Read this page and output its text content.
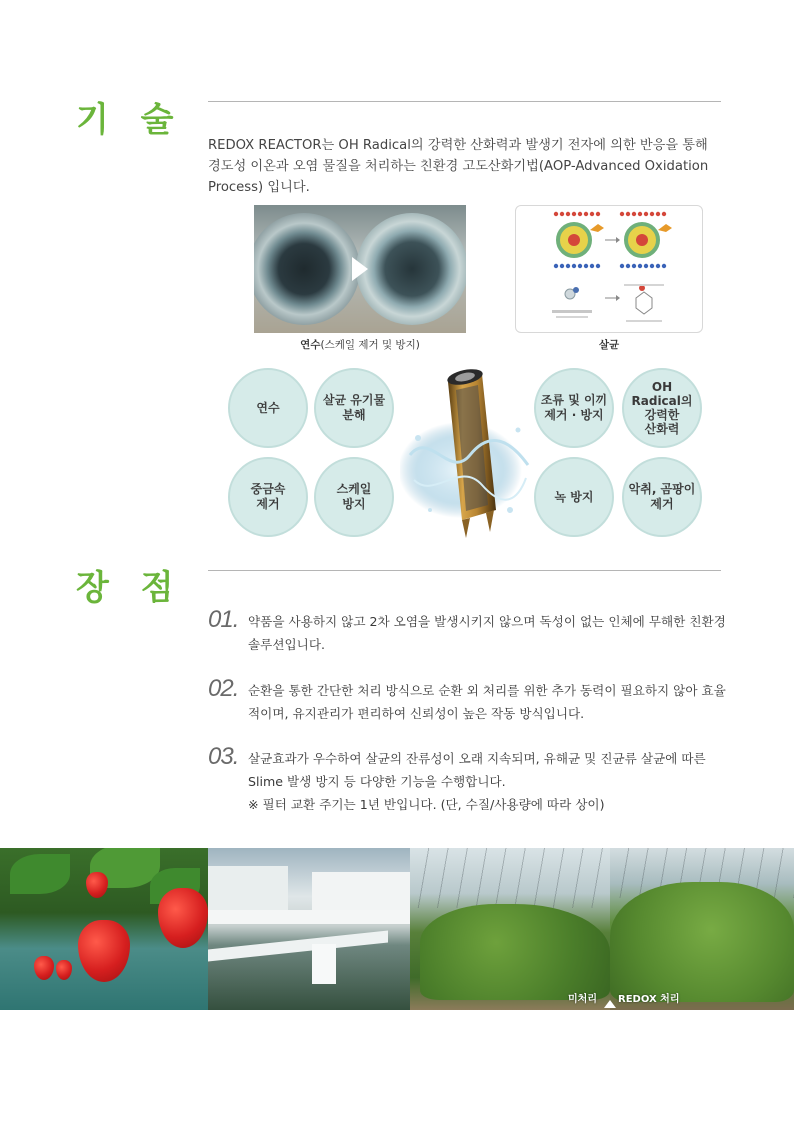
기 술

REDOX REACTOR는 OH Radical의 강력한 산화력과 발생기 전자에 의한 반응을 통해 경도성 이온과 오염 물질을 처리하는 친환경 고도산화기법(AOP-Advanced Oxidation Process) 입니다.

연수(스케일 제거 및 방지)	살균
연수
살균 유기물
분해
중금속
제거
스케일
방지
조류 및 이끼
제거 · 방지
OH
Radical의
강력한
산화력
녹 방지
악취, 곰팡이
제거
장 점
01. 약품을 사용하지 않고 2차 오염을 발생시키지 않으며 독성이 없는 인체에 무해한 친환경 솔루션입니다.

02. 순환을 통한 간단한 처리 방식으로 순환 외 처리를 위한 추가 동력이 필요하지 않아 효율적이며, 유지관리가 편리하여 신뢰성이 높은 작동 방식입니다.

03. 살균효과가 우수하여 살균의 잔류성이 오래 지속되며, 유해균 및 진균류 살균에 따른 Slime 발생 방지 등 다양한 기능을 수행합니다.

※ 필터 교환 주기는 1년 반입니다. (단, 수질/사용량에 따라 상이)

미처리 REDOX 처리
